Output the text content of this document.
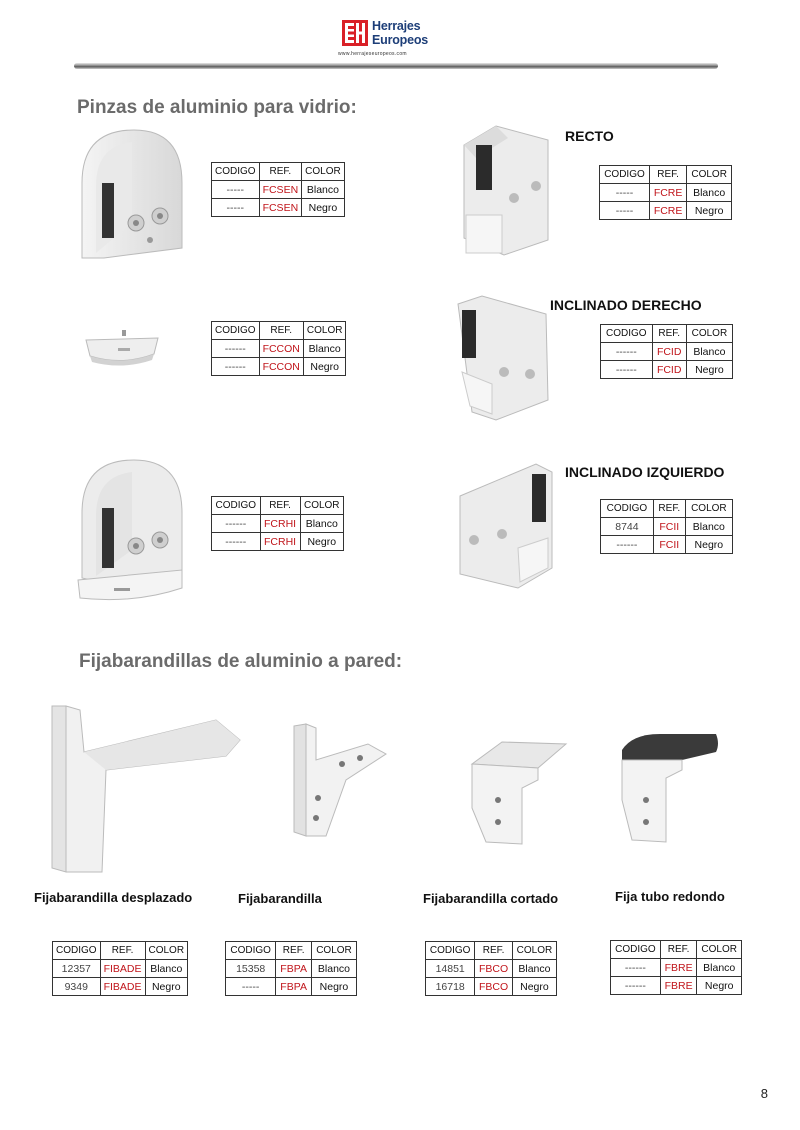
Herrajes
Europeos
www.herrajeseuropeos.com
Pinzas de aluminio para vidrio:
CODIGO	REF.	COLOR
-----	FCSEN	Blanco
-----	FCSEN	Negro
RECTO
CODIGO	REF.	COLOR
-----	FCRE	Blanco
-----	FCRE	Negro
CODIGO	REF.	COLOR
------	FCCON	Blanco
------	FCCON	Negro
INCLINADO DERECHO
CODIGO	REF.	COLOR
------	FCID	Blanco
------	FCID	Negro
CODIGO	REF.	COLOR
------	FCRHI	Blanco
------	FCRHI	Negro
INCLINADO IZQUIERDO
CODIGO	REF.	COLOR
8744	FCII	Blanco
------	FCII	Negro
Fijabarandillas de aluminio a pared:
Fijabarandilla desplazado	Fijabarandilla	Fijabarandilla cortado	Fija tubo redondo
CODIGO	REF.	COLOR
12357	FIBADE	Blanco
9349	FIBADE	Negro
CODIGO	REF.	COLOR
15358	FBPA	Blanco
-----	FBPA	Negro
CODIGO	REF.	COLOR
14851	FBCO	Blanco
16718	FBCO	Negro
CODIGO	REF.	COLOR
------	FBRE	Blanco
------	FBRE	Negro
8
